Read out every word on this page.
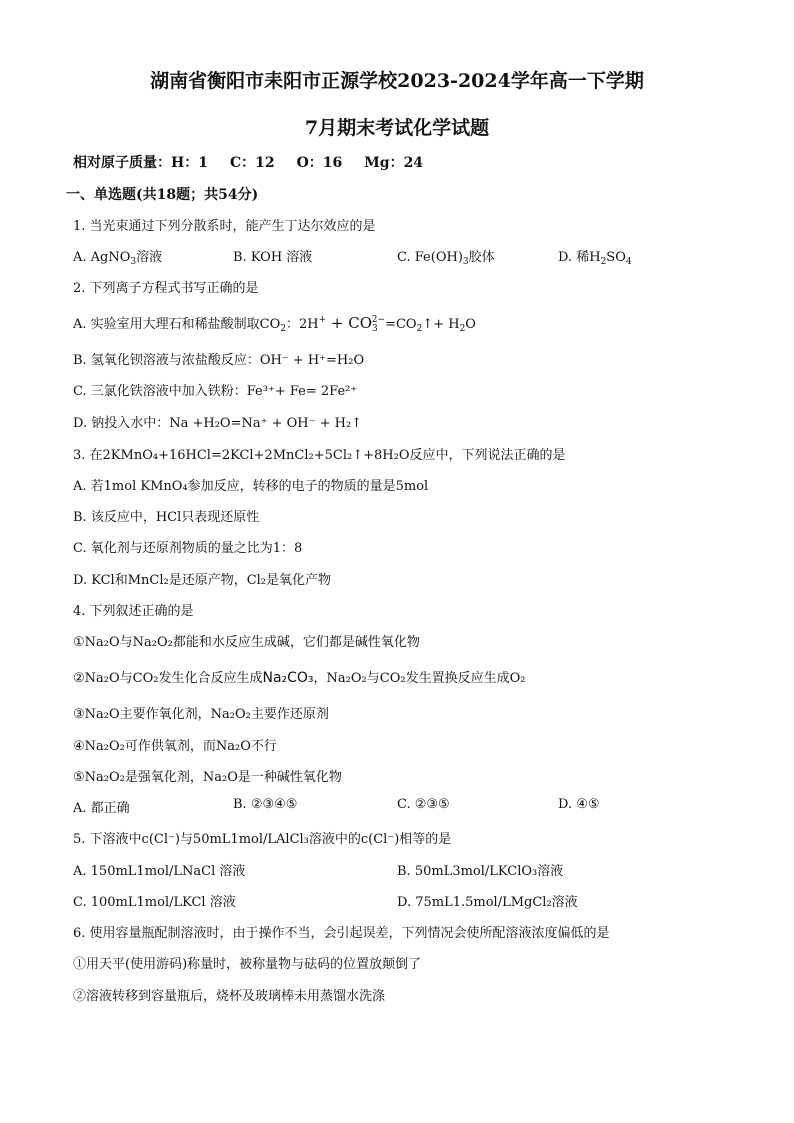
湖南省衡阳市耒阳市正源学校2023-2024学年高一下学期
7月期末考试化学试题
相对原子质量：H：1 C：12 O：16 Mg：24
一、单选题(共18题；共54分)
1. 当光束通过下列分散系时，能产生丁达尔效应的是
A. AgNO$_3$溶液	B. KOH 溶液	C. $Fe(OH)_3$胶体	D. 稀$H_2SO_4$
2. 下列离子方程式书写正确的是
A. 实验室用大理石和稀盐酸制取$CO_2$：$2H^+ + CO_3^{2-}=CO_2↑+ H_2O$
B. 氢氧化钡溶液与浓盐酸反应：OH⁻ + H⁺=H₂O
C. 三氯化铁溶液中加入铁粉：Fe³⁺+ Fe= 2Fe²⁺
D. 钠投入水中：Na +H₂O=Na⁺ + OH⁻ + H₂↑
3. 在2KMnO₄+16HCl=2KCl+2MnCl₂+5Cl₂↑+8H₂O反应中，下列说法正确的是
A. 若1mol KMnO₄参加反应，转移的电子的物质的量是5mol
B. 该反应中，HCl只表现还原性
C. 氧化剂与还原剂物质的量之比为1：8
D. KCl和MnCl₂是还原产物，Cl₂是氧化产物
4. 下列叙述正确的是
①Na₂O与Na₂O₂都能和水反应生成碱，它们都是碱性氧化物
②Na₂O与CO₂发生化合反应生成Na₂CO₃，Na₂O₂与CO₂发生置换反应生成O₂
③Na₂O主要作氧化剂，Na₂O₂主要作还原剂
④Na₂O₂可作供氧剂，而Na₂O不行
⑤Na₂O₂是强氧化剂，Na₂O是一种碱性氧化物
A. 都正确	B. ②③④⑤	C. ②③⑤	D. ④⑤
5. 下溶液中c(Cl⁻)与50mL1mol/LAlCl₃溶液中的c(Cl⁻)相等的是
A. 150mL1mol/LNaCl 溶液	B. 50mL3mol/LKClO₃溶液
C. 100mL1mol/LKCl 溶液	D. 75mL1.5mol/LMgCl₂溶液
6. 使用容量瓶配制溶液时，由于操作不当，会引起误差，下列情况会使所配溶液浓度偏低的是
①用天平(使用游码)称量时，被称量物与砝码的位置放颠倒了
②溶液转移到容量瓶后，烧杯及玻璃棒未用蒸馏水洗涤
